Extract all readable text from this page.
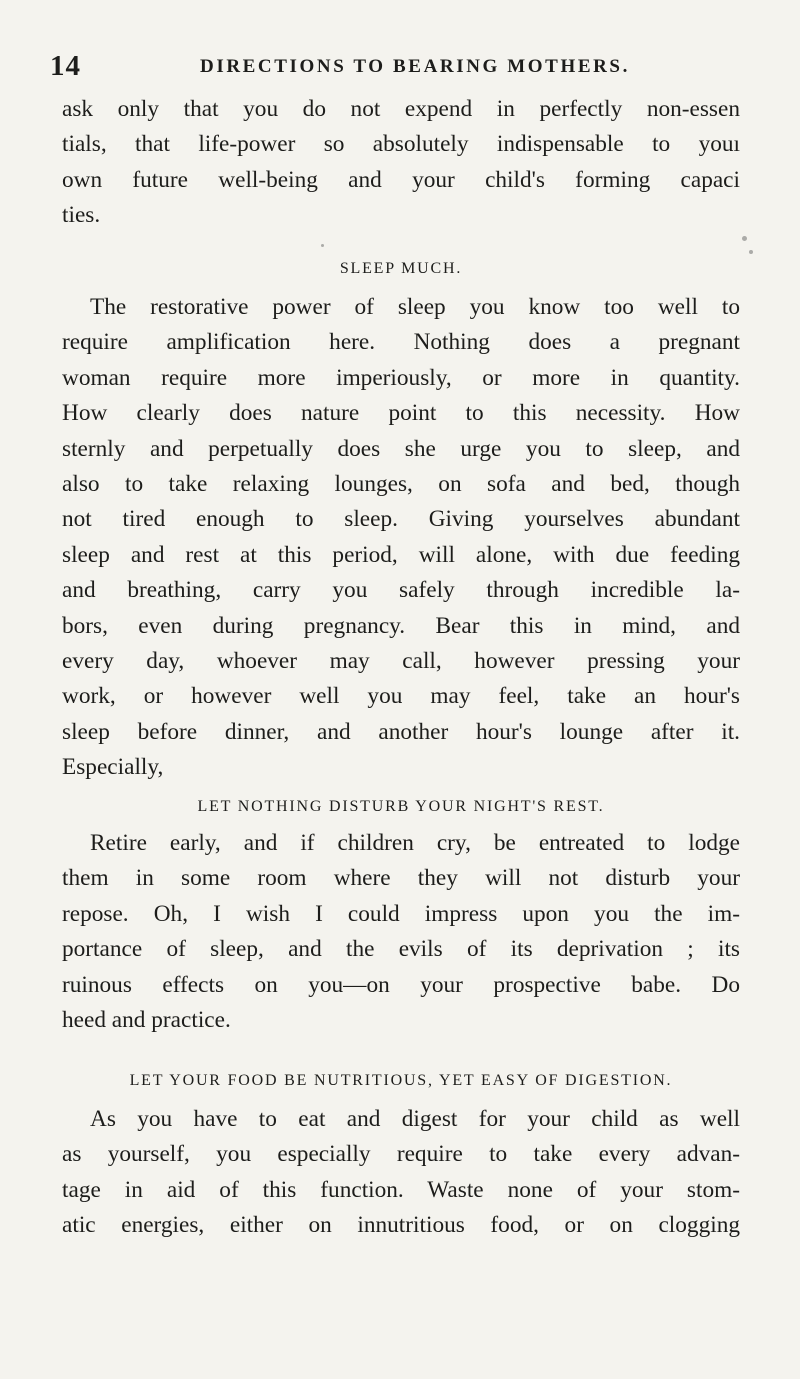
14	DIRECTIONS TO BEARING MOTHERS.
ask only that you do not expend in perfectly non-essen
tials, that life-power so absolutely indispensable to youı
own future well-being and your child's forming capaci
ties.
SLEEP MUCH.
The restorative power of sleep you know too well to
require amplification here. Nothing does a pregnant
woman require more imperiously, or more in quantity.
How clearly does nature point to this necessity. How
sternly and perpetually does she urge you to sleep, and
also to take relaxing lounges, on sofa and bed, though
not tired enough to sleep. Giving yourselves abundant
sleep and rest at this period, will alone, with due feeding
and breathing, carry you safely through incredible la-
bors, even during pregnancy. Bear this in mind, and
every day, whoever may call, however pressing your
work, or however well you may feel, take an hour's
sleep before dinner, and another hour's lounge after it.
Especially,
LET NOTHING DISTURB YOUR NIGHT'S REST.
Retire early, and if children cry, be entreated to lodge
them in some room where they will not disturb your
repose. Oh, I wish I could impress upon you the im-
portance of sleep, and the evils of its deprivation ; its
ruinous effects on you—on your prospective babe. Do
heed and practice.
LET YOUR FOOD BE NUTRITIOUS, YET EASY OF DIGESTION.
As you have to eat and digest for your child as well
as yourself, you especially require to take every advan-
tage in aid of this function. Waste none of your stom-
atic energies, either on innutritious food, or on clogging
